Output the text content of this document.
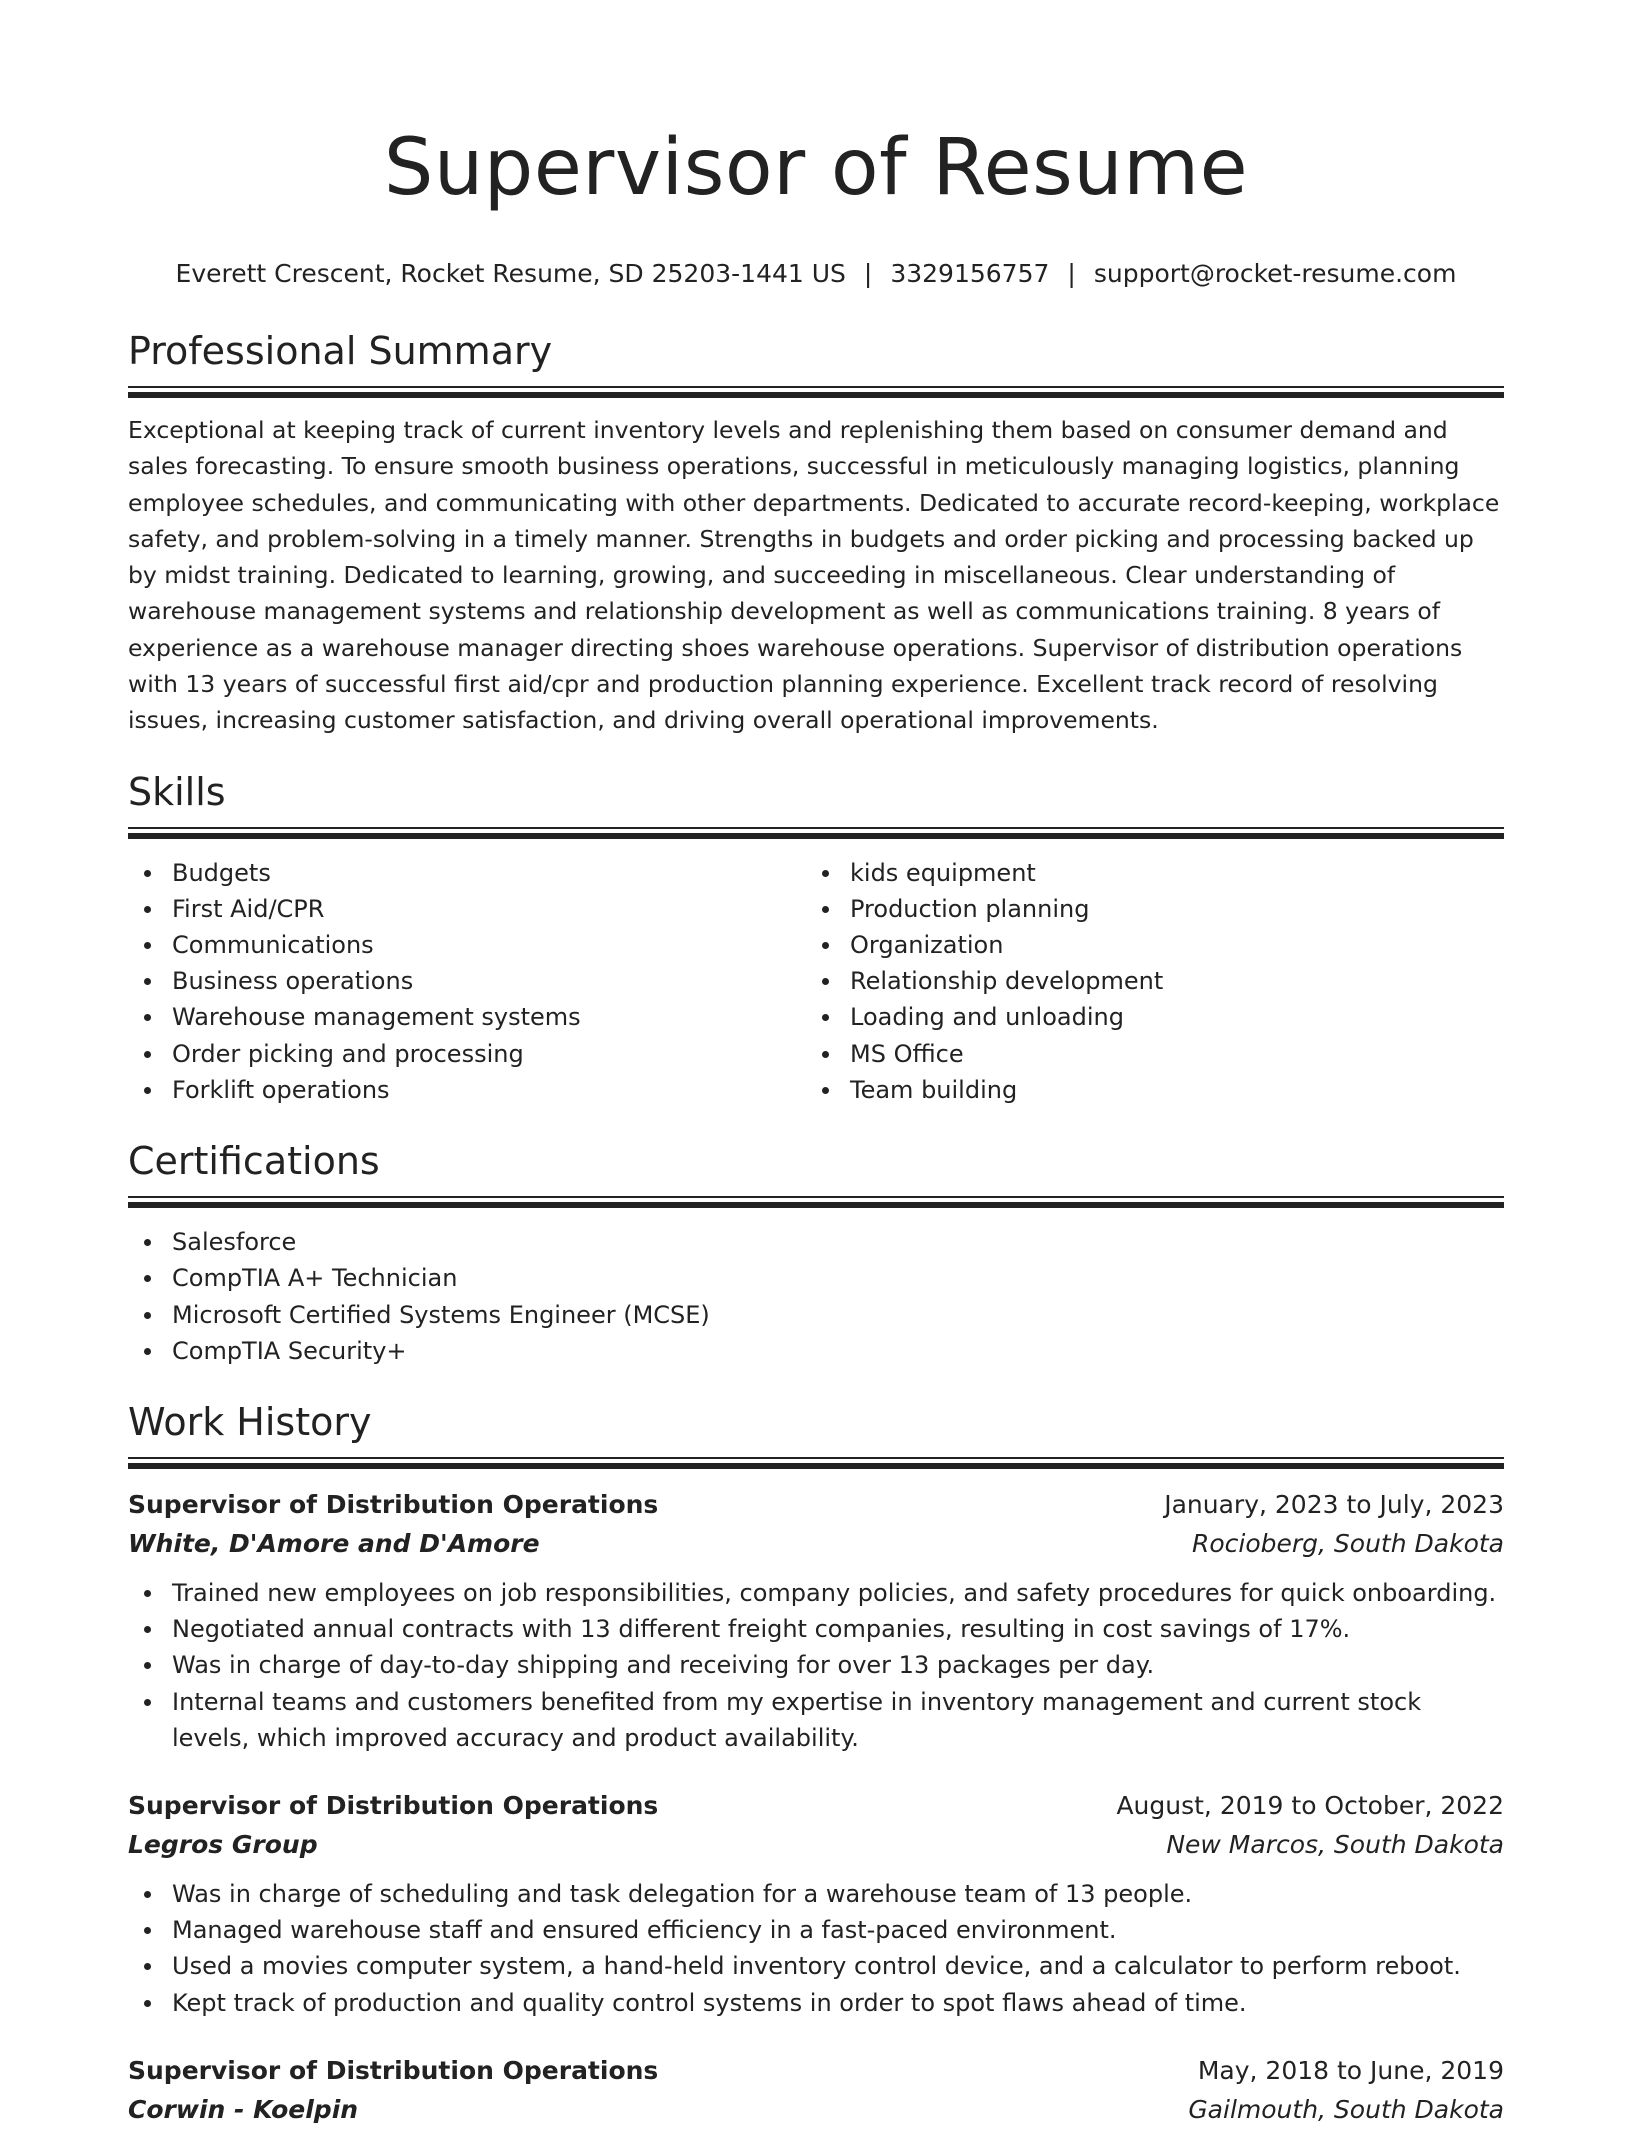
Supervisor of Resume
Everett Crescent, Rocket Resume, SD 25203-1441 US | 3329156757 | support@rocket-resume.com
Professional Summary

Exceptional at keeping track of current inventory levels and replenishing them based on consumer demand and sales forecasting. To ensure smooth business operations, successful in meticulously managing logistics, planning employee schedules, and communicating with other departments. Dedicated to accurate record-keeping, workplace safety, and problem-solving in a timely manner. Strengths in budgets and order picking and processing backed up by midst training. Dedicated to learning, growing, and succeeding in miscellaneous. Clear understanding of warehouse management systems and relationship development as well as communications training. 8 years of experience as a warehouse manager directing shoes warehouse operations. Supervisor of distribution operations with 13 years of successful first aid/cpr and production planning experience. Excellent track record of resolving issues, increasing customer satisfaction, and driving overall operational improvements.

Skills
Budgets
First Aid/CPR
Communications
Business operations
Warehouse management systems
Order picking and processing
Forklift operations
kids equipment
Production planning
Organization
Relationship development
Loading and unloading
MS Office
Team building
Certifications
Salesforce
CompTIA A+ Technician
Microsoft Certified Systems Engineer (MCSE)
CompTIA Security+
Work History
Supervisor of Distribution Operations	January, 2023 to July, 2023
White, D'Amore and D'Amore	Rocioberg, South Dakota
Trained new employees on job responsibilities, company policies, and safety procedures for quick onboarding.
Negotiated annual contracts with 13 different freight companies, resulting in cost savings of 17%.
Was in charge of day-to-day shipping and receiving for over 13 packages per day.
Internal teams and customers benefited from my expertise in inventory management and current stock levels, which improved accuracy and product availability.
Supervisor of Distribution Operations	August, 2019 to October, 2022
Legros Group	New Marcos, South Dakota
Was in charge of scheduling and task delegation for a warehouse team of 13 people.
Managed warehouse staff and ensured efficiency in a fast-paced environment.
Used a movies computer system, a hand-held inventory control device, and a calculator to perform reboot.
Kept track of production and quality control systems in order to spot flaws ahead of time.
Supervisor of Distribution Operations	May, 2018 to June, 2019
Corwin - Koelpin	Gailmouth, South Dakota
